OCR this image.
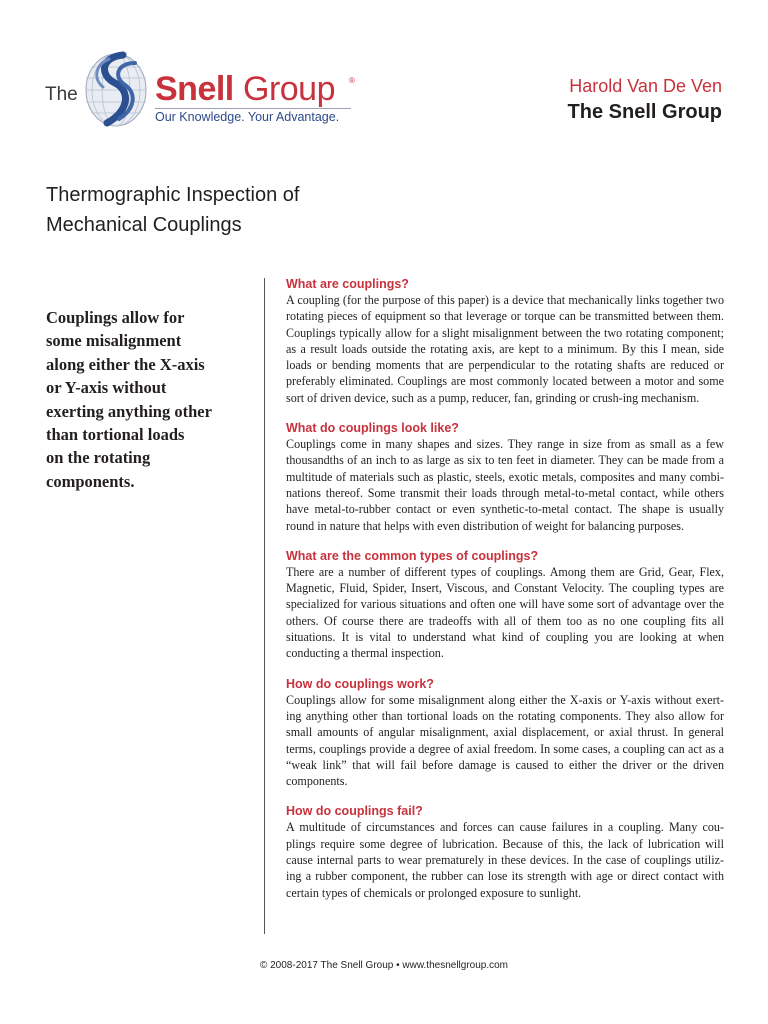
The Snell Group ®
Our Knowledge. Your Advantage.
Harold Van De Ven
The Snell Group
Thermographic Inspection of
Mechanical Couplings
Couplings allow for
some misalignment
along either the X-axis
or Y-axis without
exerting anything other
than tortional loads
on the rotating
components.

What are couplings?

A coupling (for the purpose of this paper) is a device that mechanically links together two rotating pieces of equipment so that leverage or torque can be transmitted between them. Couplings typically allow for a slight misalignment between the two rotating component; as a result loads outside the rotating axis, are kept to a minimum. By this I mean, side loads or bending moments that are perpendicular to the rotating shafts are reduced or preferably eliminated. Couplings are most commonly located between a motor and some sort of driven device, such as a pump, reducer, fan, grinding or crush-ing mechanism.

What do couplings look like?

Couplings come in many shapes and sizes. They range in size from as small as a few thousandths of an inch to as large as six to ten feet in diameter. They can be made from a multitude of materials such as plastic, steels, exotic metals, composites and many combi-nations thereof. Some transmit their loads through metal-to-metal contact, while others have metal-to-rubber contact or even synthetic-to-metal contact. The shape is usually round in nature that helps with even distribution of weight for balancing purposes.

What are the common types of couplings?

There are a number of different types of couplings. Among them are Grid, Gear, Flex, Magnetic, Fluid, Spider, Insert, Viscous, and Constant Velocity. The coupling types are specialized for various situations and often one will have some sort of advantage over the others. Of course there are tradeoffs with all of them too as no one coupling fits all situations. It is vital to understand what kind of coupling you are looking at when conducting a thermal inspection.

How do couplings work?

Couplings allow for some misalignment along either the X-axis or Y-axis without exert-ing anything other than tortional loads on the rotating components. They also allow for small amounts of angular misalignment, axial displacement, or axial thrust. In general terms, couplings provide a degree of axial freedom. In some cases, a coupling can act as a “weak link” that will fail before damage is caused to either the driver or the driven components.

How do couplings fail?

A multitude of circumstances and forces can cause failures in a coupling. Many cou-plings require some degree of lubrication. Because of this, the lack of lubrication will cause internal parts to wear prematurely in these devices. In the case of couplings utiliz-ing a rubber component, the rubber can lose its strength with age or direct contact with certain types of chemicals or prolonged exposure to sunlight.

© 2008-2017 The Snell Group • www.thesnellgroup.com
